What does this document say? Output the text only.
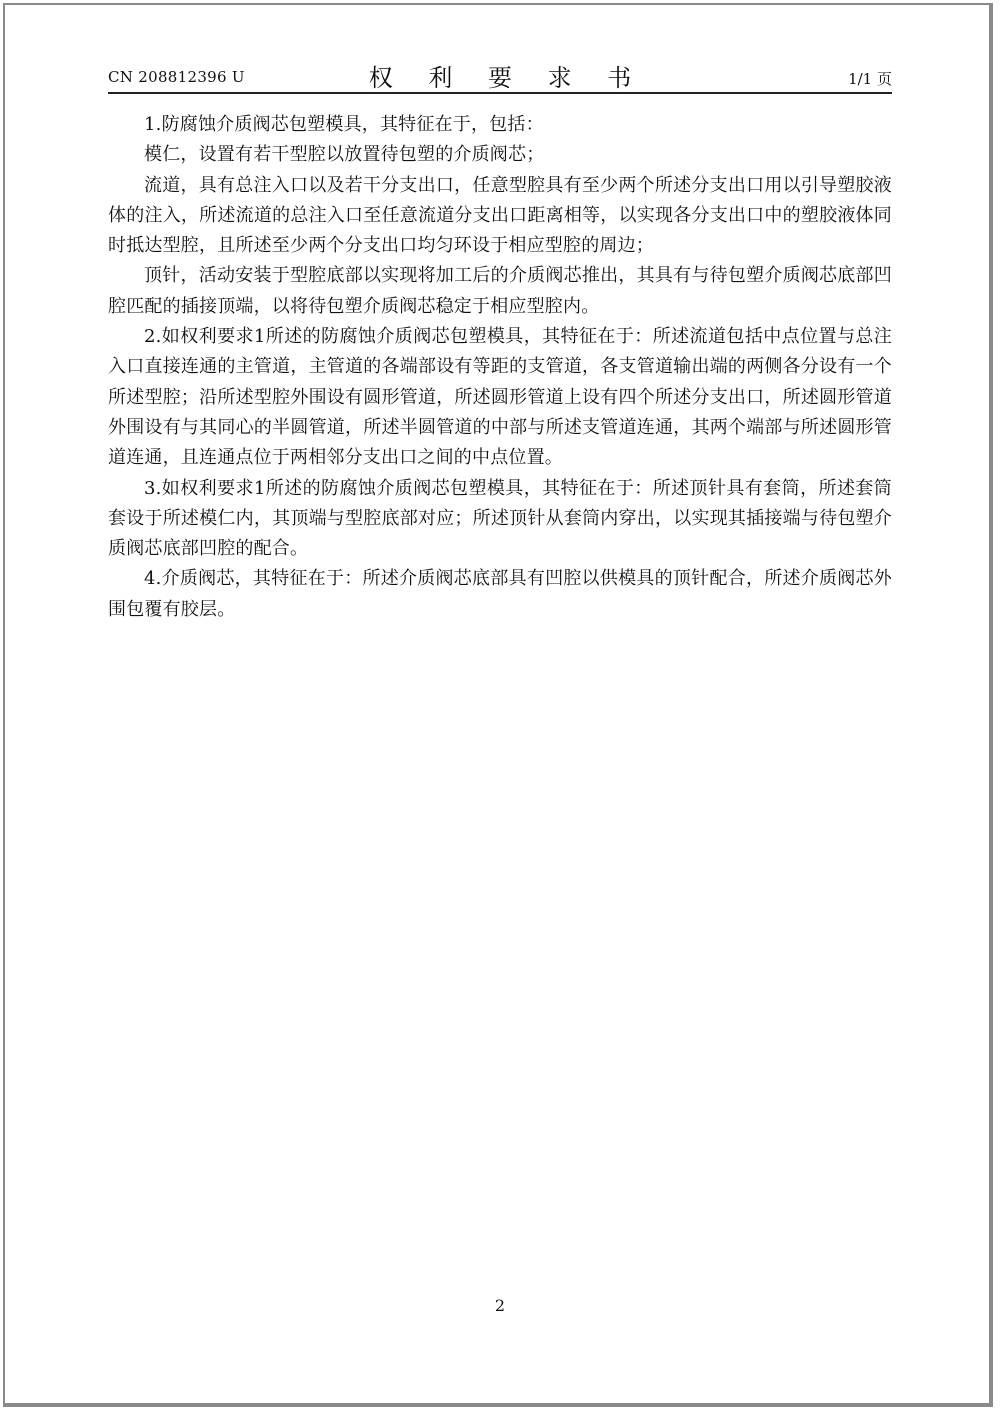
CN 208812396 U	权 利 要 求 书	1/1 页

1.防腐蚀介质阀芯包塑模具，其特征在于，包括：

模仁，设置有若干型腔以放置待包塑的介质阀芯；

流道，具有总注入口以及若干分支出口，任意型腔具有至少两个所述分支出口用以引导塑胶液体的注入，所述流道的总注入口至任意流道分支出口距离相等，以实现各分支出口中的塑胶液体同时抵达型腔，且所述至少两个分支出口均匀环设于相应型腔的周边；

顶针，活动安装于型腔底部以实现将加工后的介质阀芯推出，其具有与待包塑介质阀芯底部凹腔匹配的插接顶端，以将待包塑介质阀芯稳定于相应型腔内。

2.如权利要求1所述的防腐蚀介质阀芯包塑模具，其特征在于：所述流道包括中点位置与总注入口直接连通的主管道，主管道的各端部设有等距的支管道，各支管道输出端的两侧各分设有一个所述型腔；沿所述型腔外围设有圆形管道，所述圆形管道上设有四个所述分支出口，所述圆形管道外围设有与其同心的半圆管道，所述半圆管道的中部与所述支管道连通，其两个端部与所述圆形管道连通，且连通点位于两相邻分支出口之间的中点位置。

3.如权利要求1所述的防腐蚀介质阀芯包塑模具，其特征在于：所述顶针具有套筒，所述套筒套设于所述模仁内，其顶端与型腔底部对应；所述顶针从套筒内穿出，以实现其插接端与待包塑介质阀芯底部凹腔的配合。

4.介质阀芯，其特征在于：所述介质阀芯底部具有凹腔以供模具的顶针配合，所述介质阀芯外围包覆有胶层。

2
